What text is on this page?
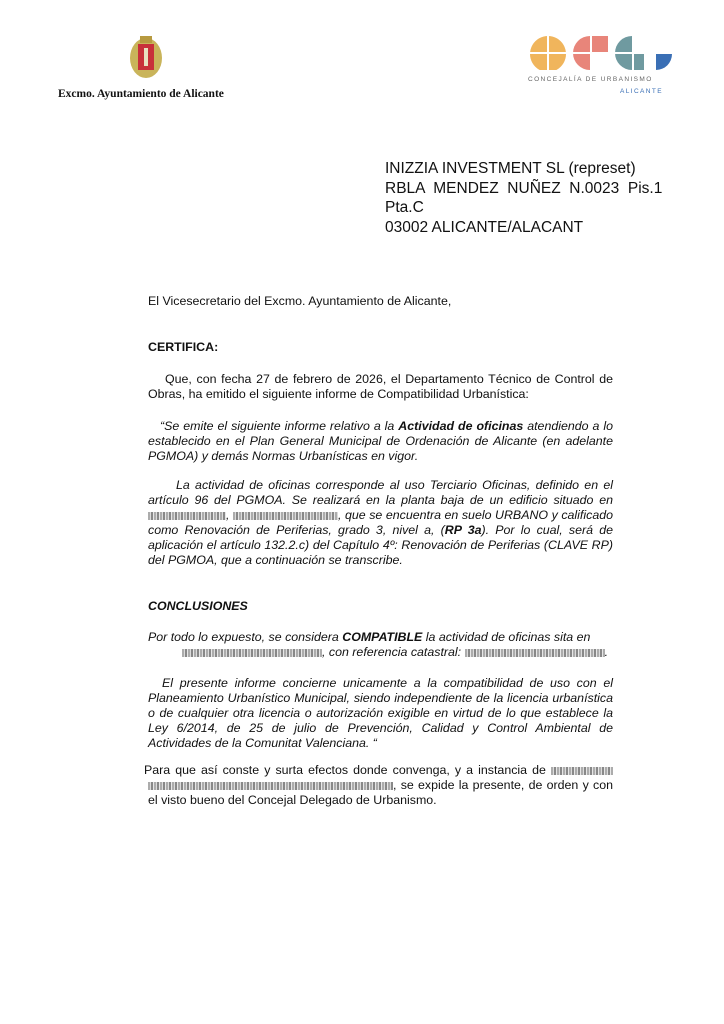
Excmo. Ayuntamiento de Alicante
CONCEJALÍA DE URBANISMO
ALICANTE
INIZZIA INVESTMENT SL (represet)
RBLA  MENDEZ  NUÑEZ  N.0023  Pis.1
Pta.C
03002 ALICANTE/ALACANT
El Vicesecretario del Excmo. Ayuntamiento de Alicante,
CERTIFICA:
Que, con fecha 27 de febrero de 2026, el Departamento Técnico de Control de Obras, ha emitido el siguiente informe de Compatibilidad Urbanística:
“Se emite el siguiente informe relativo a la Actividad de oficinas atendiendo a lo establecido en el Plan General Municipal de Ordenación de Alicante (en adelante PGMOA) y demás Normas Urbanísticas en vigor.
La actividad de oficinas corresponde al uso Terciario Oficinas, definido en el artículo 96 del PGMOA. Se realizará en la planta baja de un edificio situado en ,	, que se encuentra en suelo URBANO y calificado como Renovación de Periferias, grado 3, nivel a, (RP 3a). Por lo cual, será de aplicación el artículo 132.2.c) del Capítulo 4º: Renovación de Periferias (CLAVE RP) del PGMOA, que a continuación se transcribe.
CONCLUSIONES
Por todo lo expuesto, se considera COMPATIBLE la actividad de oficinas sita en
, con referencia catastral:	.
El presente informe concierne unicamente a la compatibilidad de uso con el Planeamiento Urbanístico Municipal, siendo independiente de la licencia urbanística o de cualquier otra licencia o autorización exigible en virtud de lo que establece la Ley 6/2014, de 25 de julio de Prevención, Calidad y Control Ambiental de Actividades de la Comunitat Valenciana. “
Para que así conste y surta efectos donde convenga, y a instancia de  , se expide la presente, de orden y con el visto bueno del Concejal Delegado de Urbanismo.
